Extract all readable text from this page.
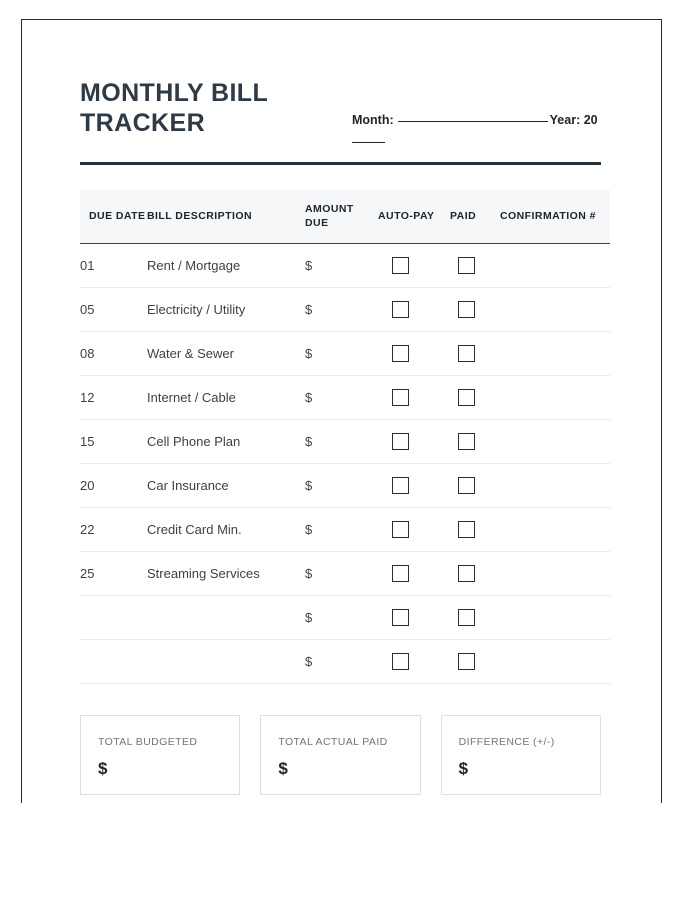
MONTHLY BILL TRACKER	Month:	Year: 20
DUE DATE	BILL DESCRIPTION	AMOUNT DUE	AUTO-PAY	PAID	CONFIRMATION #
01	Rent / Mortgage	$			
05	Electricity / Utility	$			
08	Water & Sewer	$			
12	Internet / Cable	$			
15	Cell Phone Plan	$			
20	Car Insurance	$			
22	Credit Card Min.	$			
25	Streaming Services	$			
		$			
		$			
TOTAL BUDGETED
$
TOTAL ACTUAL PAID
$
DIFFERENCE (+/-)
$
